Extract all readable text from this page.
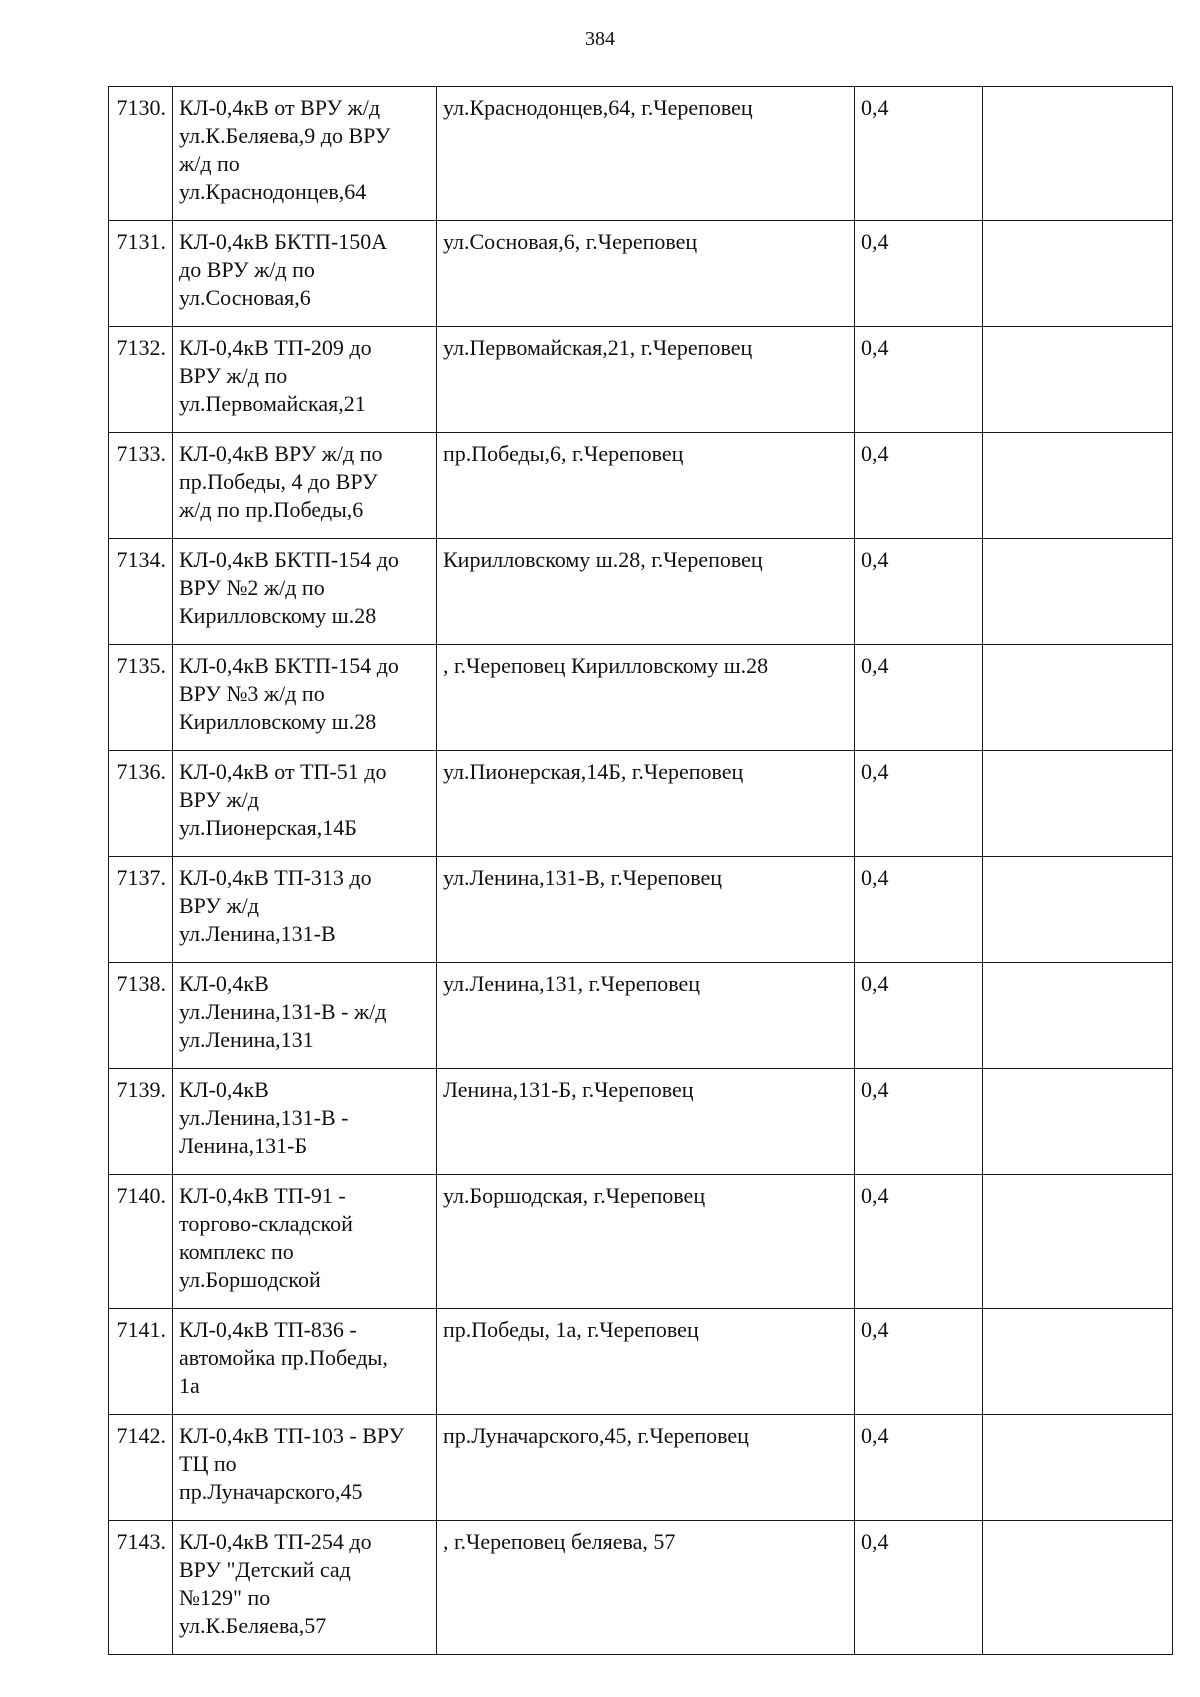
384
7130.	КЛ-0,4кВ от ВРУ ж/д
ул.К.Беляева,9 до ВРУ
ж/д по
ул.Краснодонцев,64	ул.Краснодонцев,64, г.Череповец	0,4	
7131.	КЛ-0,4кВ БКТП-150А
до ВРУ ж/д по
ул.Сосновая,6	ул.Сосновая,6, г.Череповец	0,4	
7132.	КЛ-0,4кВ ТП-209 до
ВРУ ж/д по
ул.Первомайская,21	ул.Первомайская,21, г.Череповец	0,4	
7133.	КЛ-0,4кВ ВРУ ж/д по
пр.Победы, 4 до ВРУ
ж/д по пр.Победы,6	пр.Победы,6, г.Череповец	0,4	
7134.	КЛ-0,4кВ БКТП-154 до
ВРУ №2 ж/д по
Кирилловскому ш.28	Кирилловскому ш.28, г.Череповец	0,4	
7135.	КЛ-0,4кВ БКТП-154 до
ВРУ №3 ж/д по
Кирилловскому ш.28	, г.Череповец Кирилловскому ш.28	0,4	
7136.	КЛ-0,4кВ от ТП-51 до
ВРУ ж/д
ул.Пионерская,14Б	ул.Пионерская,14Б, г.Череповец	0,4	
7137.	КЛ-0,4кВ ТП-313 до
ВРУ ж/д
ул.Ленина,131-В	ул.Ленина,131-В, г.Череповец	0,4	
7138.	КЛ-0,4кВ
ул.Ленина,131-В - ж/д
ул.Ленина,131	ул.Ленина,131, г.Череповец	0,4	
7139.	КЛ-0,4кВ
ул.Ленина,131-В -
Ленина,131-Б	Ленина,131-Б, г.Череповец	0,4	
7140.	КЛ-0,4кВ ТП-91 -
торгово-складской
комплекс по
ул.Боршодской	ул.Боршодская, г.Череповец	0,4	
7141.	КЛ-0,4кВ ТП-836 -
автомойка пр.Победы,
1а	пр.Победы, 1а, г.Череповец	0,4	
7142.	КЛ-0,4кВ ТП-103 - ВРУ
ТЦ по
пр.Луначарского,45	пр.Луначарского,45, г.Череповец	0,4	
7143.	КЛ-0,4кВ ТП-254 до
ВРУ "Детский сад
№129" по
ул.К.Беляева,57	, г.Череповец беляева, 57	0,4	
